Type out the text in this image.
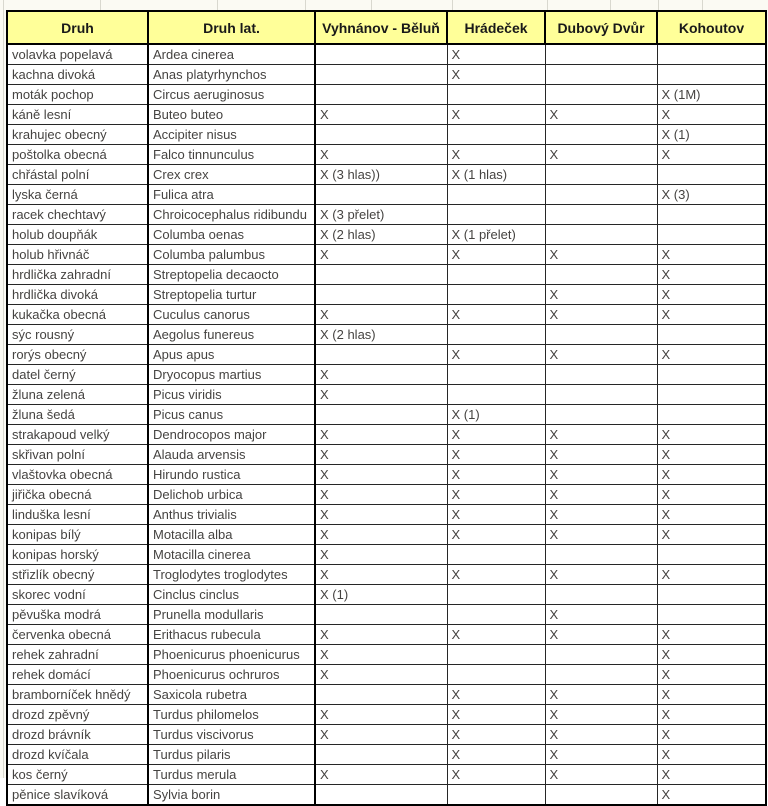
Druh	Druh lat.	Vyhnánov - Běluň	Hrádeček	Dubový Dvůr	Kohoutov
volavka popelavá	Ardea cinerea		X		
kachna divoká	Anas platyrhynchos		X		
moták pochop	Circus aeruginosus				X (1M)
káně lesní	Buteo buteo	X	X	X	X
krahujec obecný	Accipiter nisus				X (1)
poštolka obecná	Falco tinnunculus	X	X	X	X
chřástal polní	Crex crex	X (3 hlas))	X (1 hlas)		
lyska černá	Fulica atra				X (3)
racek chechtavý	Chroicocephalus ridibundu	X (3 přelet)			
holub doupňák	Columba oenas	X (2 hlas)	X (1 přelet)		
holub hřivnáč	Columba palumbus	X	X	X	X
hrdlička zahradní	Streptopelia decaocto				X
hrdlička divoká	Streptopelia turtur			X	X
kukačka obecná	Cuculus canorus	X	X	X	X
sýc rousný	Aegolus funereus	X (2 hlas)			
rorýs obecný	Apus apus		X	X	X
datel černý	Dryocopus martius	X			
žluna zelená	Picus viridis	X			
žluna šedá	Picus canus		X (1)		
strakapoud velký	Dendrocopos major	X	X	X	X
skřivan polní	Alauda arvensis	X	X	X	X
vlaštovka obecná	Hirundo rustica	X	X	X	X
jiřička obecná	Delichob urbica	X	X	X	X
linduška lesní	Anthus trivialis	X	X	X	X
konipas bílý	Motacilla alba	X	X	X	X
konipas horský	Motacilla cinerea	X			
střizlík obecný	Troglodytes troglodytes	X	X	X	X
skorec vodní	Cinclus cinclus	X (1)			
pěvuška modrá	Prunella modullaris			X	
červenka obecná	Erithacus rubecula	X	X	X	X
rehek zahradní	Phoenicurus phoenicurus	X			X
rehek domácí	Phoenicurus ochruros	X			X
bramborníček hnědý	Saxicola rubetra		X	X	X
drozd zpěvný	Turdus philomelos	X	X	X	X
drozd brávník	Turdus viscivorus	X	X	X	X
drozd kvíčala	Turdus pilaris		X	X	X
kos černý	Turdus merula	X	X	X	X
pěnice slavíková	Sylvia borin				X
